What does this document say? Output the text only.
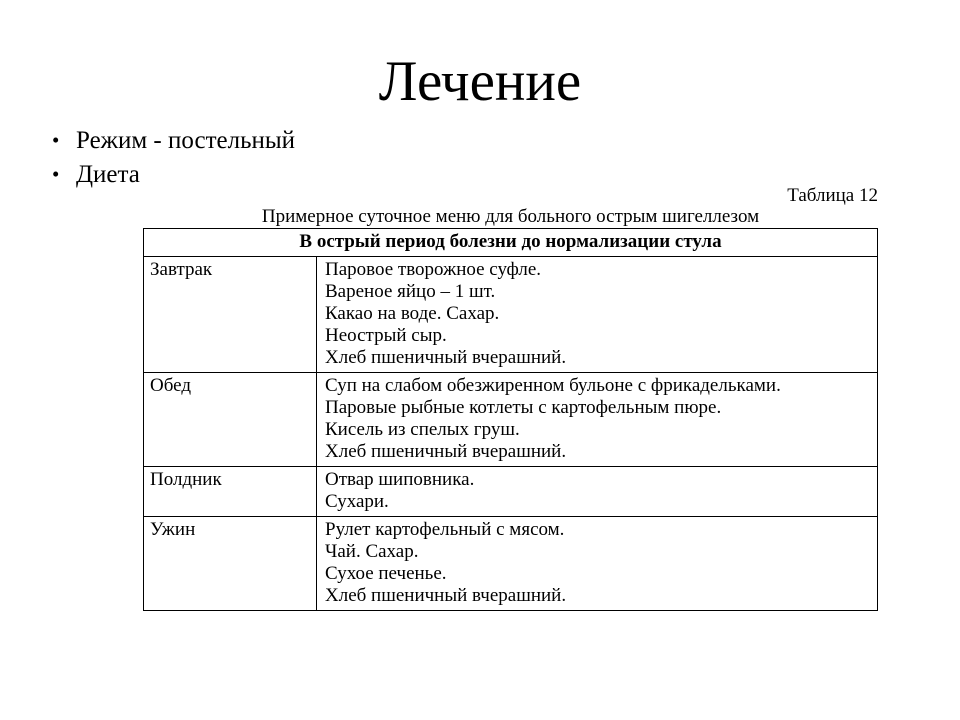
Лечение
• Режим - постельный
• Диета
Таблица 12
Примерное суточное меню для больного острым шигеллезом
В острый период болезни до нормализации стула	
Завтрак	Паровое творожное суфле.
Вареное яйцо – 1 шт.
Какао на воде. Сахар.
Неострый сыр.
Хлеб пшеничный вчерашний.

Обед	Суп на слабом обезжиренном бульоне с фрикадельками.
Паровые рыбные котлеты с картофельным пюре.
Кисель из спелых груш.
Хлеб пшеничный вчерашний.

Полдник	Отвар шиповника.
Сухари.

Ужин	Рулет картофельный с мясом.
Чай. Сахар.
Сухое печенье.
Хлеб пшеничный вчерашний.
